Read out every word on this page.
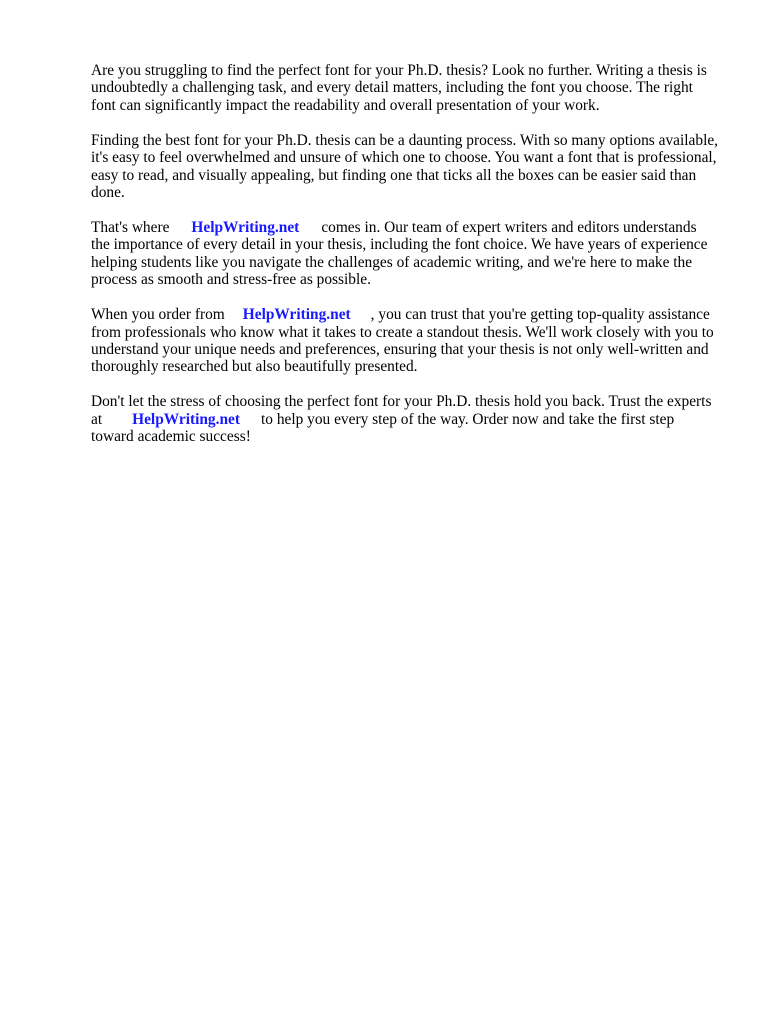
Are you struggling to find the perfect font for your Ph.D. thesis? Look no further. Writing a thesis is undoubtedly a challenging task, and every detail matters, including the font you choose. The right font can significantly impact the readability and overall presentation of your work.

Finding the best font for your Ph.D. thesis can be a daunting process. With so many options available, it's easy to feel overwhelmed and unsure of which one to choose. You want a font that is professional, easy to read, and visually appealing, but finding one that ticks all the boxes can be easier said than done.

That's where HelpWriting.net comes in. Our team of expert writers and editors understands the importance of every detail in your thesis, including the font choice. We have years of experience helping students like you navigate the challenges of academic writing, and we're here to make the process as smooth and stress-free as possible.

When you order from HelpWriting.net , you can trust that you're getting top-quality assistance from professionals who know what it takes to create a standout thesis. We'll work closely with you to understand your unique needs and preferences, ensuring that your thesis is not only well-written and thoroughly researched but also beautifully presented.

Don't let the stress of choosing the perfect font for your Ph.D. thesis hold you back. Trust the experts at HelpWriting.net to help you every step of the way. Order now and take the first step toward academic success!
